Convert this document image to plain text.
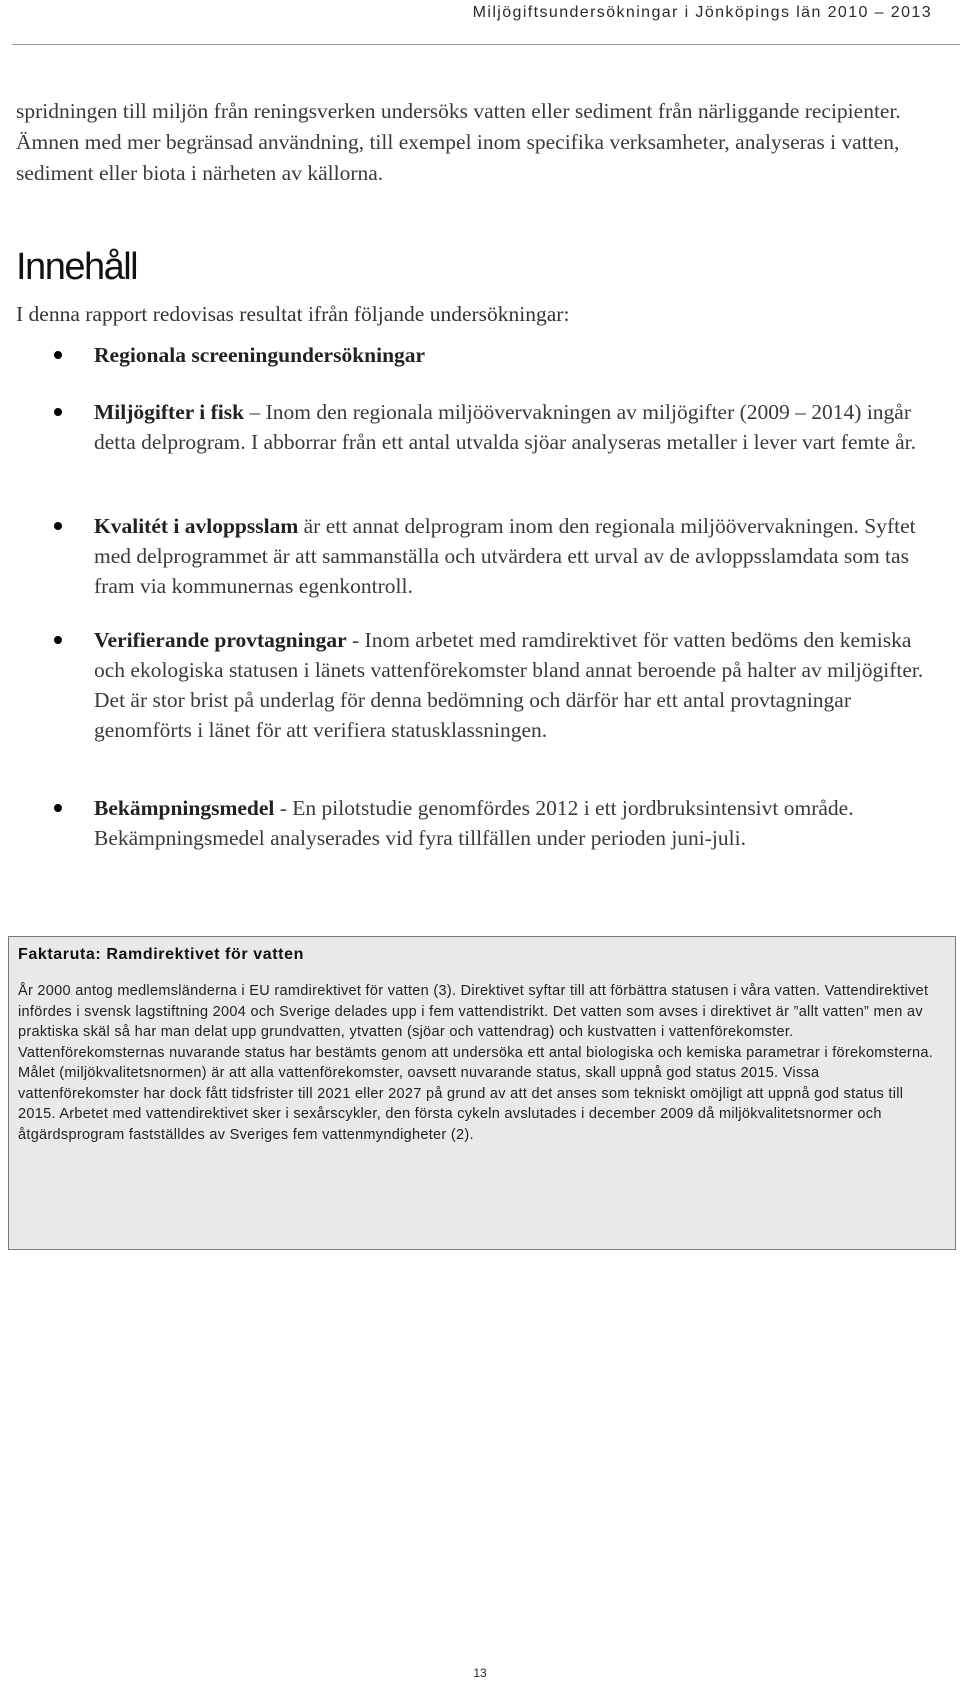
Miljögiftsundersökningar i Jönköpings län 2010 – 2013

spridningen till miljön från reningsverken undersöks vatten eller sediment från närliggande recipienter. Ämnen med mer begränsad användning, till exempel inom specifika verksamheter, analyseras i vatten, sediment eller biota i närheten av källorna.

Innehåll

I denna rapport redovisas resultat ifrån följande undersökningar:

Regionala screeningundersökningar

Miljögifter i fisk – Inom den regionala miljöövervakningen av miljögifter (2009 – 2014) ingår detta delprogram. I abborrar från ett antal utvalda sjöar analyseras metaller i lever vart femte år.

Kvalitét i avloppsslam är ett annat delprogram inom den regionala miljöövervakningen. Syftet med delprogrammet är att sammanställa och utvärdera ett urval av de avloppsslamdata som tas fram via kommunernas egenkontroll.

Verifierande provtagningar - Inom arbetet med ramdirektivet för vatten bedöms den kemiska och ekologiska statusen i länets vattenförekomster bland annat beroende på halter av miljögifter. Det är stor brist på underlag för denna bedömning och därför har ett antal provtagningar genomförts i länet för att verifiera statusklassningen.

Bekämpningsmedel - En pilotstudie genomfördes 2012 i ett jordbruksintensivt område. Bekämpningsmedel analyserades vid fyra tillfällen under perioden juni-juli.

Faktaruta: Ramdirektivet för vatten

År 2000 antog medlemsländerna i EU ramdirektivet för vatten (3). Direktivet syftar till att förbättra statusen i våra vatten. Vattendirektivet infördes i svensk lagstiftning 2004 och Sverige delades upp i fem vattendistrikt. Det vatten som avses i direktivet är ”allt vatten” men av praktiska skäl så har man delat upp grundvatten, ytvatten (sjöar och vattendrag) och kustvatten i vattenförekomster. Vattenförekomsternas nuvarande status har bestämts genom att undersöka ett antal biologiska och kemiska parametrar i förekomsterna. Målet (miljökvalitetsnormen) är att alla vattenförekomster, oavsett nuvarande status, skall uppnå god status 2015. Vissa vattenförekomster har dock fått tidsfrister till 2021 eller 2027 på grund av att det anses som tekniskt omöjligt att uppnå god status till 2015. Arbetet med vattendirektivet sker i sexårscykler, den första cykeln avslutades i december 2009 då miljökvalitetsnormer och åtgärdsprogram fastställdes av Sveriges fem vattenmyndigheter (2).

13
